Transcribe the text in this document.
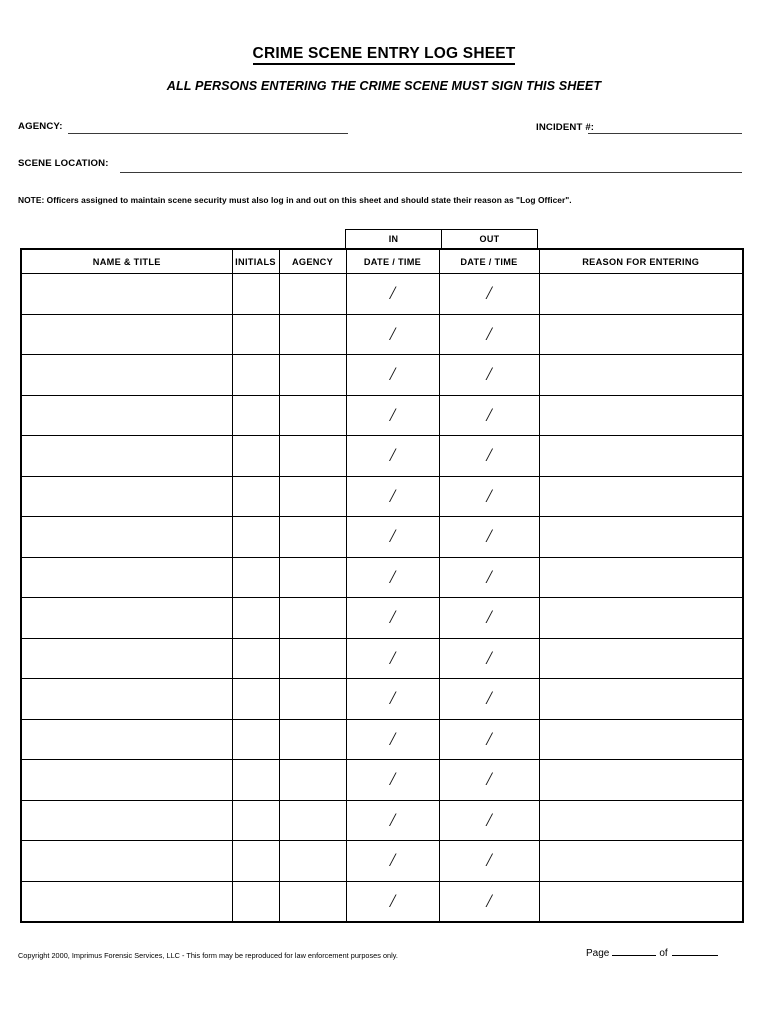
CRIME SCENE ENTRY LOG SHEET
ALL PERSONS ENTERING THE CRIME SCENE MUST SIGN THIS SHEET
AGENCY:	INCIDENT #:
SCENE LOCATION:
NOTE: Officers assigned to maintain scene security must also log in and out on this sheet and should state their reason as "Log Officer".
IN	OUT
NAME & TITLE	INITIALS	AGENCY	DATE / TIME	DATE / TIME	REASON FOR ENTERING

			/	/	

			/	/	

			/	/	

			/	/	

			/	/	

			/	/	

			/	/	

			/	/	

			/	/	

			/	/	

			/	/	

			/	/	

			/	/	

			/	/	

			/	/	

			/	/	

Copyright 2000, Imprimus Forensic Services, LLC - This form may be reproduced for law enforcement purposes only.	Page	of
